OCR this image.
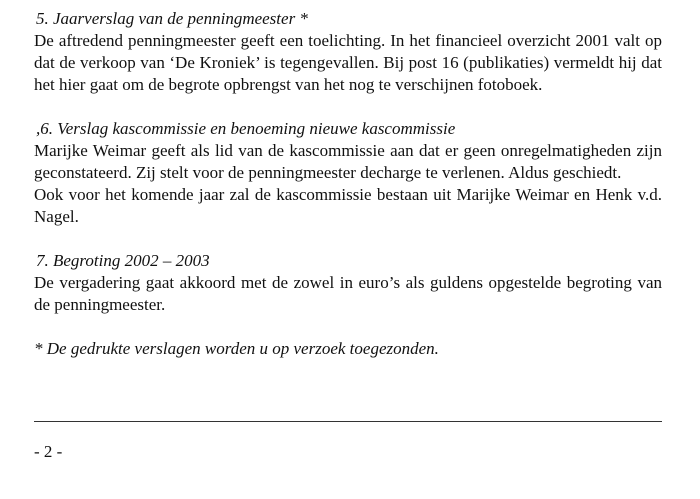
5. Jaarverslag van de penningmeester *

De aftredend penningmeester geeft een toelichting. In het financieel overzicht 2001 valt op dat de verkoop van ‘De Kroniek’ is tegengevallen. Bij post 16 (publikaties) vermeldt hij dat het hier gaat om de begrote opbrengst van het nog te verschijnen fotoboek.

,6. Verslag kascommissie en benoeming nieuwe kascommissie

Marijke Weimar geeft als lid van de kascommissie aan dat er geen onregelmatigheden zijn geconstateerd. Zij stelt voor de penningmeester decharge te verlenen. Aldus geschiedt.

Ook voor het komende jaar zal de kascommissie bestaan uit Marijke Weimar en Henk v.d. Nagel.

7. Begroting 2002 – 2003

De vergadering gaat akkoord met de zowel in euro’s als guldens opgestelde begroting van de penningmeester.

* De gedrukte verslagen worden u op verzoek toegezonden.

- 2 -
